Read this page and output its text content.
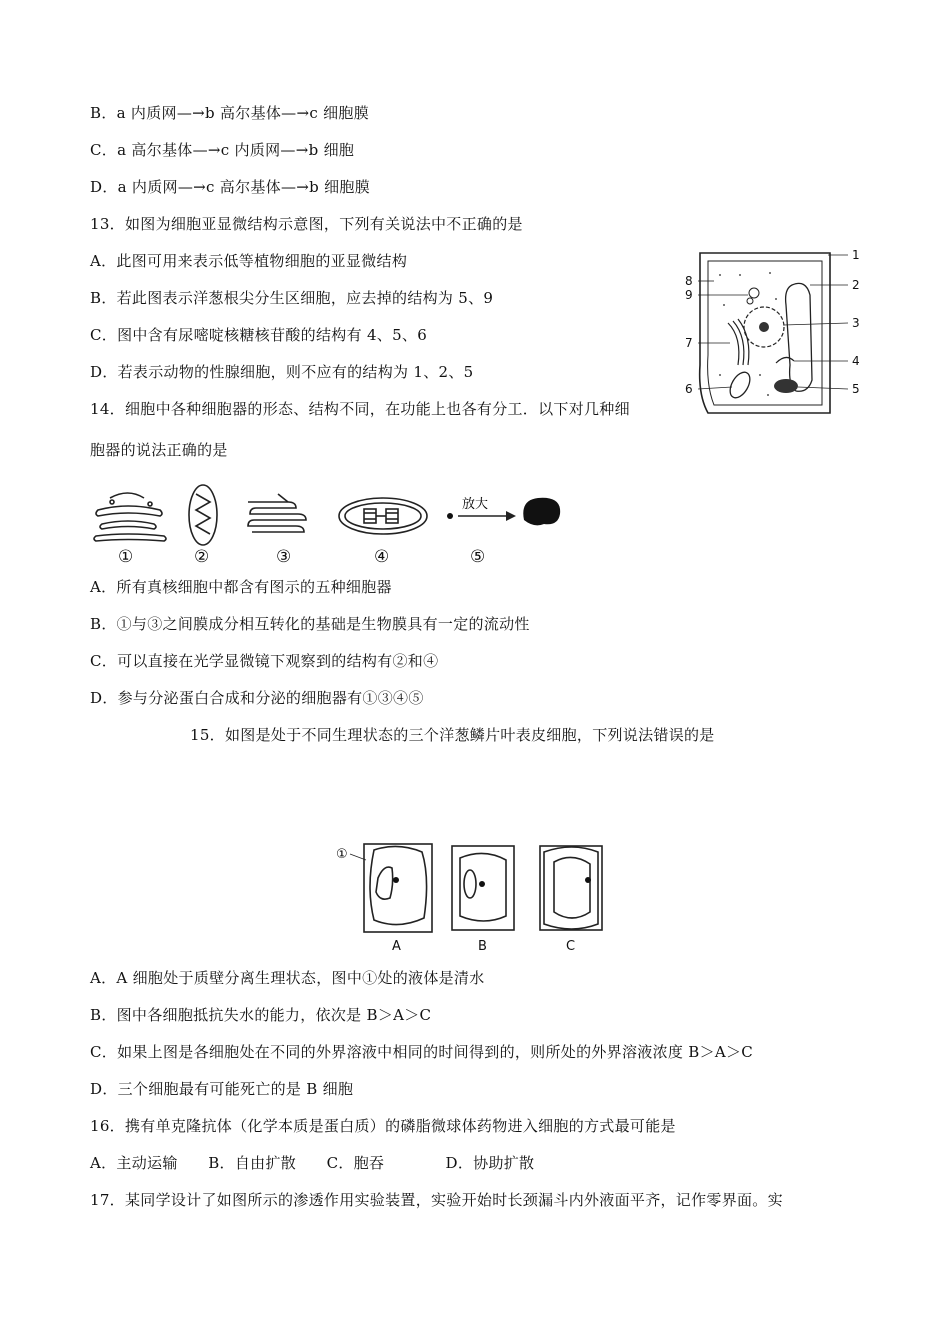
B．a 内质网—→b 高尔基体—→c 细胞膜
C．a 高尔基体—→c 内质网—→b 细胞
D．a 内质网—→c 高尔基体—→b 细胞膜
13．如图为细胞亚显微结构示意图，下列有关说法中不正确的是
A．此图可用来表示低等植物细胞的亚显微结构
B．若此图表示洋葱根尖分生区细胞，应去掉的结构为 5、9
C．图中含有尿嘧啶核糖核苷酸的结构有 4、5、6
D．若表示动物的性腺细胞，则不应有的结构为 1、2、5
14．细胞中各种细胞器的形态、结构不同，在功能上也各有分工．以下对几种细
胞器的说法正确的是
A．所有真核细胞中都含有图示的五种细胞器
B．①与③之间膜成分相互转化的基础是生物膜具有一定的流动性
C．可以直接在光学显微镜下观察到的结构有②和④
D．参与分泌蛋白合成和分泌的细胞器有①③④⑤
15．如图是处于不同生理状态的三个洋葱鳞片叶表皮细胞，下列说法错误的是
A．A 细胞处于质壁分离生理状态，图中①处的液体是清水
B．图中各细胞抵抗失水的能力，依次是 B＞A＞C
C．如果上图是各细胞处在不同的外界溶液中相同的时间得到的，则所处的外界溶液浓度 B＞A＞C
D．三个细胞最有可能死亡的是 B 细胞
16．携有单克隆抗体（化学本质是蛋白质）的磷脂微球体药物进入细胞的方式最可能是
A．主动运输　　B．自由扩散　　C．胞吞　　　　D．协助扩散
17．某同学设计了如图所示的渗透作用实验装置，实验开始时长颈漏斗内外液面平齐，记作零界面。实
1
2
3
4
5
6
7
8
9
放大
①	②	③	④	⑤
①
A	B	C
